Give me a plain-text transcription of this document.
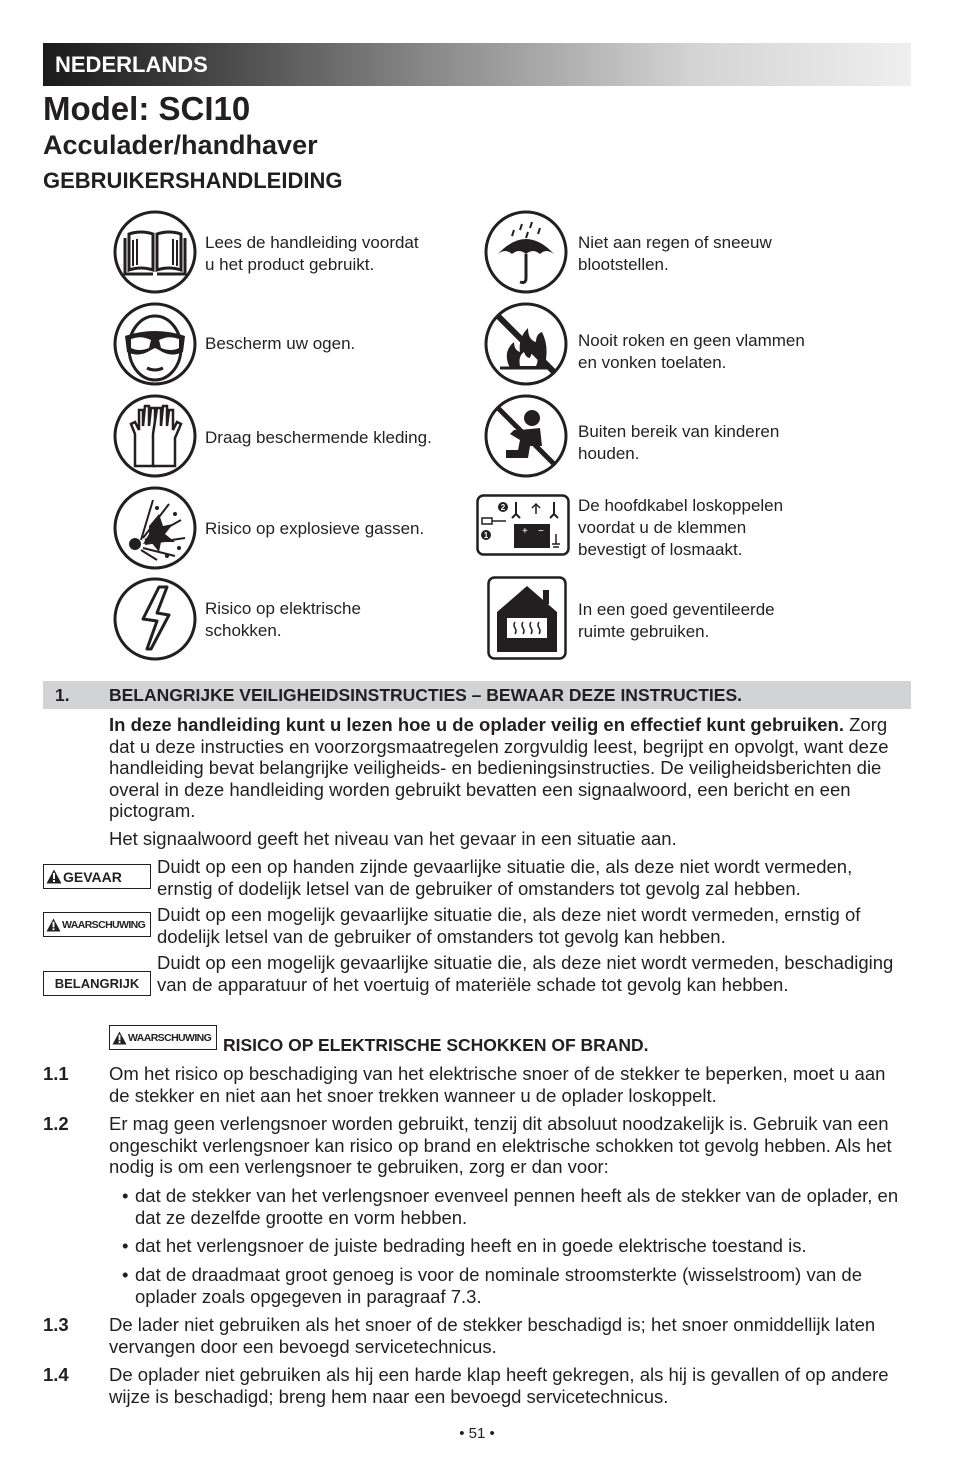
NEDERLANDS
Model: SCI10
Acculader/handhaver
GEBRUIKERSHANDLEIDING
Lees de handleiding voordat
u het product gebruikt.
Bescherm uw ogen.
Draag beschermende kleding.
Risico op explosieve gassen.
Risico op elektrische
schokken.
Niet aan regen of sneeuw
blootstellen.
Nooit roken en geen vlammen
en vonken toelaten.
Buiten bereik van kinderen
houden.
2
1	+ −
De hoofdkabel loskoppelen
voordat u de klemmen
bevestigt of losmaakt.
In een goed geventileerde
ruimte gebruiken.
1. BELANGRIJKE VEILIGHEIDSINSTRUCTIES – BEWAAR DEZE INSTRUCTIES.
In deze handleiding kunt u lezen hoe u de oplader veilig en effectief kunt gebruiken. Zorg dat u deze instructies en voorzorgsmaatregelen zorgvuldig leest, begrijpt en opvolgt, want deze handleiding bevat belangrijke veiligheids- en bedieningsinstructies. De veiligheidsberichten die overal in deze handleiding worden gebruikt bevatten een signaalwoord, een bericht en een pictogram.
Het signaalwoord geeft het niveau van het gevaar in een situatie aan.
GEVAAR Duidt op een op handen zijnde gevaarlijke situatie die, als deze niet wordt vermeden, ernstig of dodelijk letsel van de gebruiker of omstanders tot gevolg zal hebben.
WAARSCHUWING Duidt op een mogelijk gevaarlijke situatie die, als deze niet wordt vermeden, ernstig of dodelijk letsel van de gebruiker of omstanders tot gevolg kan hebben.
BELANGRIJK
Duidt op een mogelijk gevaarlijke situatie die, als deze niet wordt vermeden, beschadiging van de apparatuur of het voertuig of materiële schade tot gevolg kan hebben.
WAARSCHUWING RISICO OP ELEKTRISCHE SCHOKKEN OF BRAND.
1.1 Om het risico op beschadiging van het elektrische snoer of de stekker te beperken, moet u aan de stekker en niet aan het snoer trekken wanneer u de oplader loskoppelt.
1.2 Er mag geen verlengsnoer worden gebruikt, tenzij dit absoluut noodzakelijk is. Gebruik van een ongeschikt verlengsnoer kan risico op brand en elektrische schokken tot gevolg hebben. Als het nodig is om een verlengsnoer te gebruiken, zorg er dan voor:
• dat de stekker van het verlengsnoer evenveel pennen heeft als de stekker van de oplader, en dat ze dezelfde grootte en vorm hebben.
• dat het verlengsnoer de juiste bedrading heeft en in goede elektrische toestand is.
• dat de draadmaat groot genoeg is voor de nominale stroomsterkte (wisselstroom) van de oplader zoals opgegeven in paragraaf 7.3.
1.3 De lader niet gebruiken als het snoer of de stekker beschadigd is; het snoer onmiddellijk laten vervangen door een bevoegd servicetechnicus.
1.4 De oplader niet gebruiken als hij een harde klap heeft gekregen, als hij is gevallen of op andere wijze is beschadigd; breng hem naar een bevoegd servicetechnicus.
• 51 •
